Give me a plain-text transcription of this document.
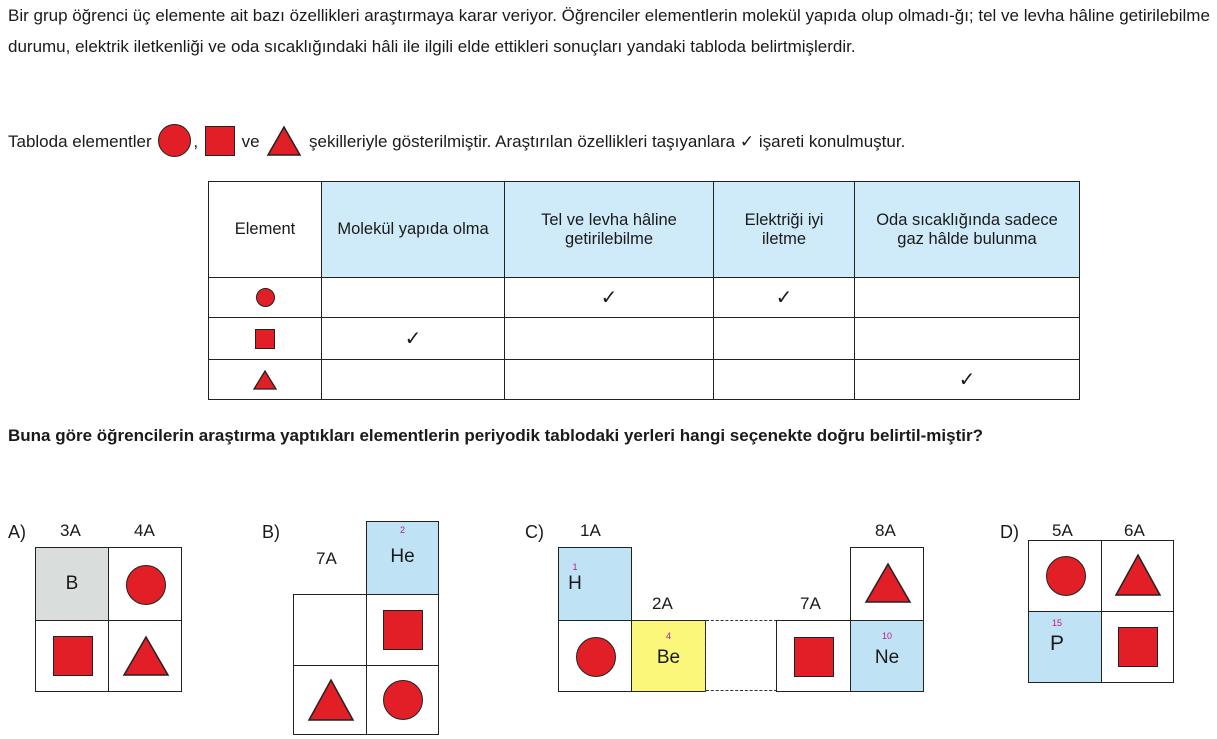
Bir grup öğrenci üç elemente ait bazı özellikleri araştırmaya karar veriyor. Öğrenciler elementlerin molekül yapıda olup olmadı-ğı; tel ve levha hâline getirilebilme durumu, elektrik iletkenliği ve oda sıcaklığındaki hâli ile ilgili elde ettikleri sonuçları yandaki tabloda belirtmişlerdir.

Tabloda elementler ,	ve	şekilleriyle gösterilmiştir. Araştırılan özellikleri taşıyanlara ✓ işareti konulmuştur.
Element	Molekül yapıda olma	Tel ve levha hâline getirilebilme	Elektriği iyi iletme	Oda sıcaklığında sadece gaz hâlde bulunma
		✓	✓	
	✓			
				✓

Buna göre öğrencilerin araştırma yaptıkları elementlerin periyodik tablodaki yerleri hangi seçenekte doğru belirtil-miştir?

A) 3A	4A
B
B)
7A
2
He
C) 1A
2A	7A
8A
1
H
4
Be
10
Ne
D) 5A	6A
15
P
